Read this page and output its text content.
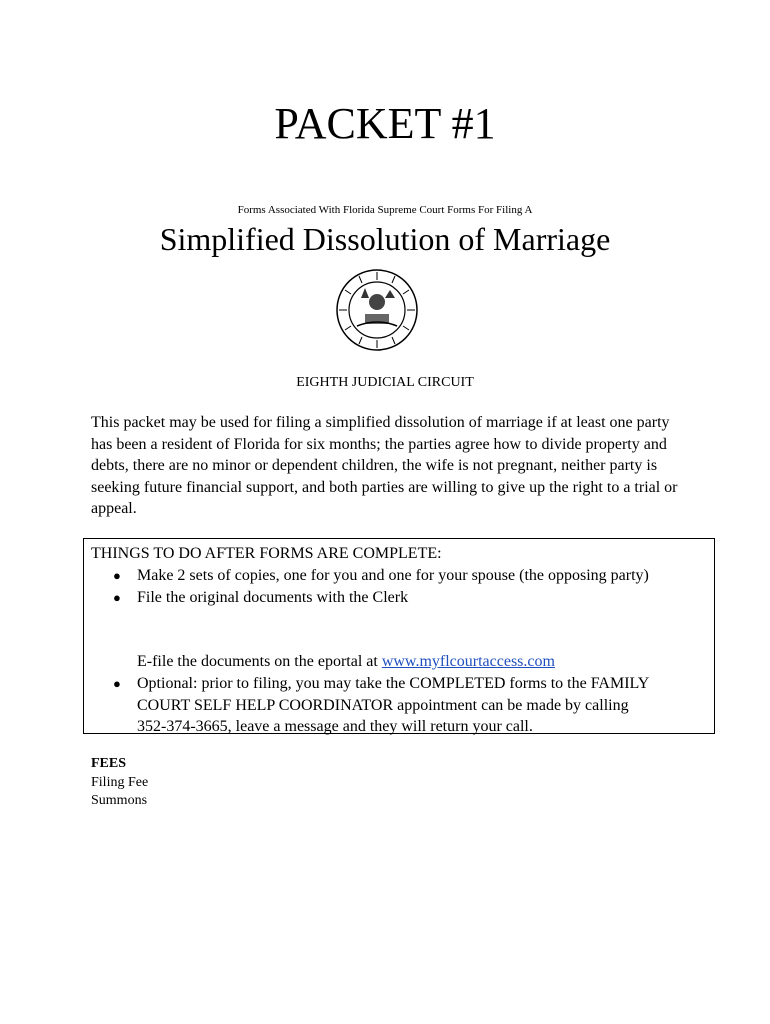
PACKET #1
Forms Associated With Florida Supreme Court Forms For Filing A
Simplified Dissolution of Marriage
EIGHTH JUDICIAL CIRCUIT

This packet may be used for filing a simplified dissolution of marriage if at least one party has been a resident of Florida for six months; the parties agree how to divide property and debts, there are no minor or dependent children, the wife is not pregnant, neither party is seeking future financial support, and both parties are willing to give up the right to a trial or appeal.

THINGS TO DO AFTER FORMS ARE COMPLETE:
● Make 2 sets of copies, one for you and one for your spouse (the opposing party)
● File the original documents with the Clerk
E-file the documents on the eportal at www.myflcourtaccess.com
● Optional: prior to filing, you may take the COMPLETED forms to the FAMILY
COURT SELF HELP COORDINATOR appointment can be made by calling
352-374-3665, leave a message and they will return your call.
FEES
Filing Fee
Summons
